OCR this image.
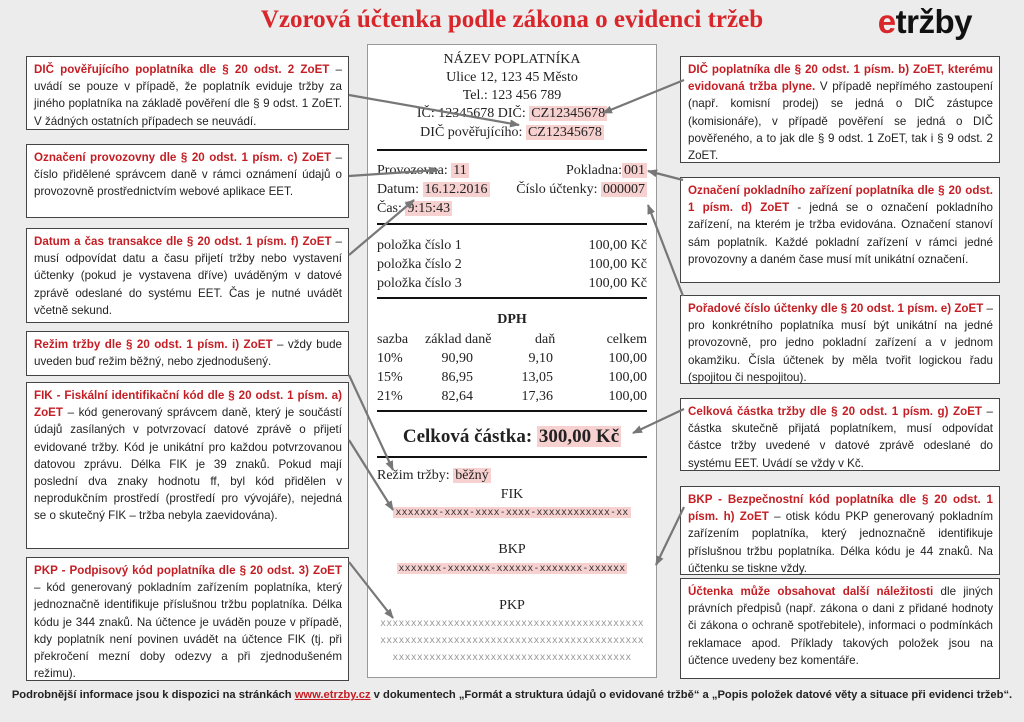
Vzorová účtenka podle zákona o evidenci tržeb	etržby
DIČ pověřujícího poplatníka dle § 20 odst. 2 ZoET – uvádí se pouze v případě, že poplatník eviduje tržby za jiného poplatníka na základě pověření dle § 9 odst. 1 ZoET. V žádných ostatních případech se neuvádí.
Označení provozovny dle § 20 odst. 1 písm. c) ZoET – číslo přidělené správcem daně v rámci oznámení údajů o provozovně prostřednictvím webové aplikace EET.
Datum a čas transakce dle § 20 odst. 1 písm. f) ZoET – musí odpovídat datu a času přijetí tržby nebo vystavení účtenky (pokud je vystavena dříve) uváděným v datové zprávě odeslané do systému EET. Čas je nutné uvádět včetně sekund.
Režim tržby dle § 20 odst. 1 písm. i) ZoET – vždy bude uveden buď režim běžný, nebo zjednodušený.
FIK - Fiskální identifikační kód dle § 20 odst. 1 písm. a) ZoET – kód generovaný správcem daně, který je součástí údajů zasílaných v potvrzovací datové zprávě o přijetí evidované tržby. Kód je unikátní pro každou potvrzovanou datovou zprávu. Délka FIK je 39 znaků. Pokud mají poslední dva znaky hodnotu ff, byl kód přidělen v neprodukčním prostředí (prostředí pro vývojáře), nejedná se o skutečný FIK – tržba nebyla zaevidována).
PKP - Podpisový kód poplatníka dle § 20 odst. 3) ZoET – kód generovaný pokladním zařízením poplatníka, který jednoznačně identifikuje příslušnou tržbu poplatníka. Délka kódu je 344 znaků. Na účtence je uváděn pouze v případě, kdy poplatník není povinen uvádět na účtence FIK (tj. při překročení mezní doby odezvy a při zjednodušeném režimu).
DIČ poplatníka dle § 20 odst. 1 písm. b) ZoET, kterému evidovaná tržba plyne. V případě nepřímého zastoupení (např. komisní prodej) se jedná o DIČ zástupce (komisionáře), v případě pověření se jedná o DIČ pověřeného, a to jak dle § 9 odst. 1 ZoET, tak i § 9 odst. 2 ZoET.
Označení pokladního zařízení poplatníka dle § 20 odst. 1 písm. d) ZoET - jedná se o označení pokladního zařízení, na kterém je tržba evidována. Označení stanoví sám poplatník. Každé pokladní zařízení v rámci jedné provozovny a daném čase musí mít unikátní označení.
Pořadové číslo účtenky dle § 20 odst. 1 písm. e) ZoET – pro konkrétního poplatníka musí být unikátní na jedné provozovně, pro jedno pokladní zařízení a v jednom okamžiku. Čísla účtenek by měla tvořit logickou řadu (spojitou či nespojitou).
Celková částka tržby dle § 20 odst. 1 písm. g) ZoET – částka skutečně přijatá poplatníkem, musí odpovídat částce tržby uvedené v datové zprávě odeslané do systému EET. Uvádí se vždy v Kč.
BKP - Bezpečnostní kód poplatníka dle § 20 odst. 1 písm. h) ZoET – otisk kódu PKP generovaný pokladním zařízením poplatníka, který jednoznačně identifikuje příslušnou tržbu poplatníka. Délka kódu je 44 znaků. Na účtenku se tiskne vždy.
Účtenka může obsahovat další náležitosti dle jiných právních předpisů (např. zákona o dani z přidané hodnoty či zákona o ochraně spotřebitele), informaci o podmínkách reklamace apod. Příklady takových položek jsou na účtence uvedeny bez komentáře.
NÁZEV POPLATNÍKA
Ulice 12, 123 45 Město
Tel.: 123 456 789
IČ: 12345678 DIČ: CZ12345678
DIČ pověřujícího: CZ12345678
Provozovna: 11	Pokladna: 001
Datum: 16.12.2016 Číslo účtenky: 000007
Čas: 9:15:43
položka číslo 1	100,00 Kč
položka číslo 2	100,00 Kč
položka číslo 3	100,00 Kč
DPH
sazba základ daně	daň	celkem
10%	90,90	9,10	100,00
15%	86,95	13,05	100,00
21%	82,64	17,36	100,00
Celková částka: 300,00 Kč
Režim tržby: běžný
FIK
xxxxxxx-xxxx-xxxx-xxxx-xxxxxxxxxxxx-xx
BKP
xxxxxxx-xxxxxxx-xxxxxx-xxxxxxx-xxxxxx
PKP
xxxxxxxxxxxxxxxxxxxxxxxxxxxxxxxxxxxxxxxxxxx
xxxxxxxxxxxxxxxxxxxxxxxxxxxxxxxxxxxxxxxxxxx
xxxxxxxxxxxxxxxxxxxxxxxxxxxxxxxxxxxxxxx
Podrobnější informace jsou k dispozici na stránkách www.etrzby.cz v dokumentech „Formát a struktura údajů o evidované tržbě“ a „Popis položek datové věty a situace při evidenci tržeb“.
